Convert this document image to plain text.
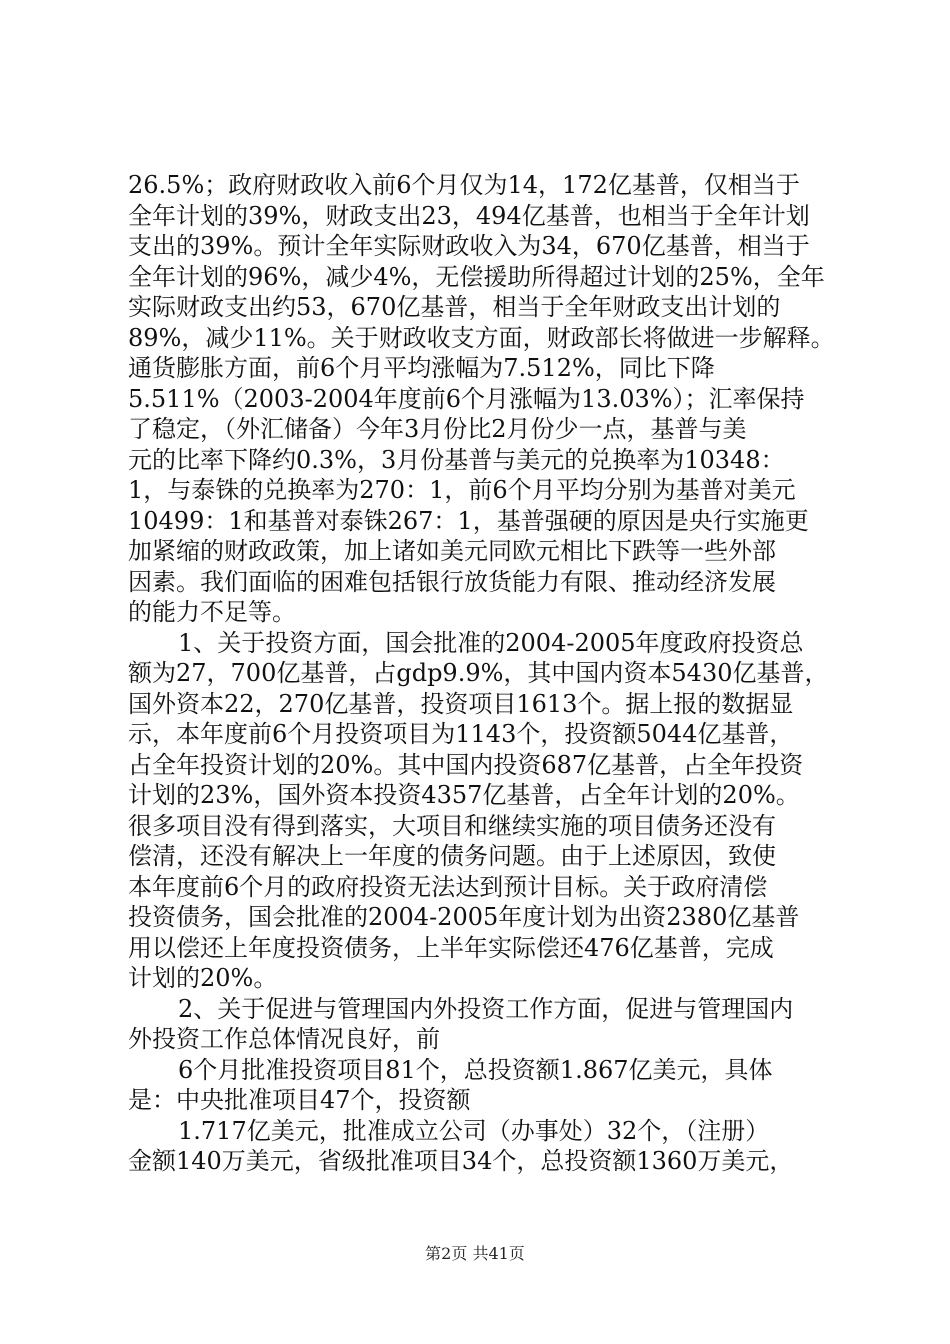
26.5%；政府财政收入前6个月仅为14，172亿基普，仅相当于
全年计划的39%，财政支出23，494亿基普，也相当于全年计划
支出的39%。预计全年实际财政收入为34，670亿基普，相当于
全年计划的96%，减少4%，无偿援助所得超过计划的25%，全年
实际财政支出约53，670亿基普，相当于全年财政支出计划的
89%，减少11%。关于财政收支方面，财政部长将做进一步解释。
通货膨胀方面，前6个月平均涨幅为7.512%，同比下降
5.511%（2003-2004年度前6个月涨幅为13.03%）；汇率保持
了稳定，（外汇储备）今年3月份比2月份少一点，基普与美
元的比率下降约0.3%，3月份基普与美元的兑换率为10348：
1，与泰铢的兑换率为270：1，前6个月平均分别为基普对美元
10499：1和基普对泰铢267：1，基普强硬的原因是央行实施更
加紧缩的财政政策，加上诸如美元同欧元相比下跌等一些外部
因素。我们面临的困难包括银行放货能力有限、推动经济发展
的能力不足等。
1、关于投资方面，国会批准的2004-2005年度政府投资总
额为27，700亿基普，占gdp9.9%，其中国内资本5430亿基普，
国外资本22，270亿基普，投资项目1613个。据上报的数据显
示，本年度前6个月投资项目为1143个，投资额5044亿基普，
占全年投资计划的20%。其中国内投资687亿基普，占全年投资
计划的23%，国外资本投资4357亿基普，占全年计划的20%。
很多项目没有得到落实，大项目和继续实施的项目债务还没有
偿清，还没有解决上一年度的债务问题。由于上述原因，致使
本年度前6个月的政府投资无法达到预计目标。关于政府清偿
投资债务，国会批准的2004-2005年度计划为出资2380亿基普
用以偿还上年度投资债务，上半年实际偿还476亿基普，完成
计划的20%。
2、关于促进与管理国内外投资工作方面，促进与管理国内
外投资工作总体情况良好，前
6个月批准投资项目81个，总投资额1.867亿美元，具体
是：中央批准项目47个，投资额
1.717亿美元，批准成立公司（办事处）32个，（注册）
金额140万美元，省级批准项目34个，总投资额1360万美元，
第2页 共41页
